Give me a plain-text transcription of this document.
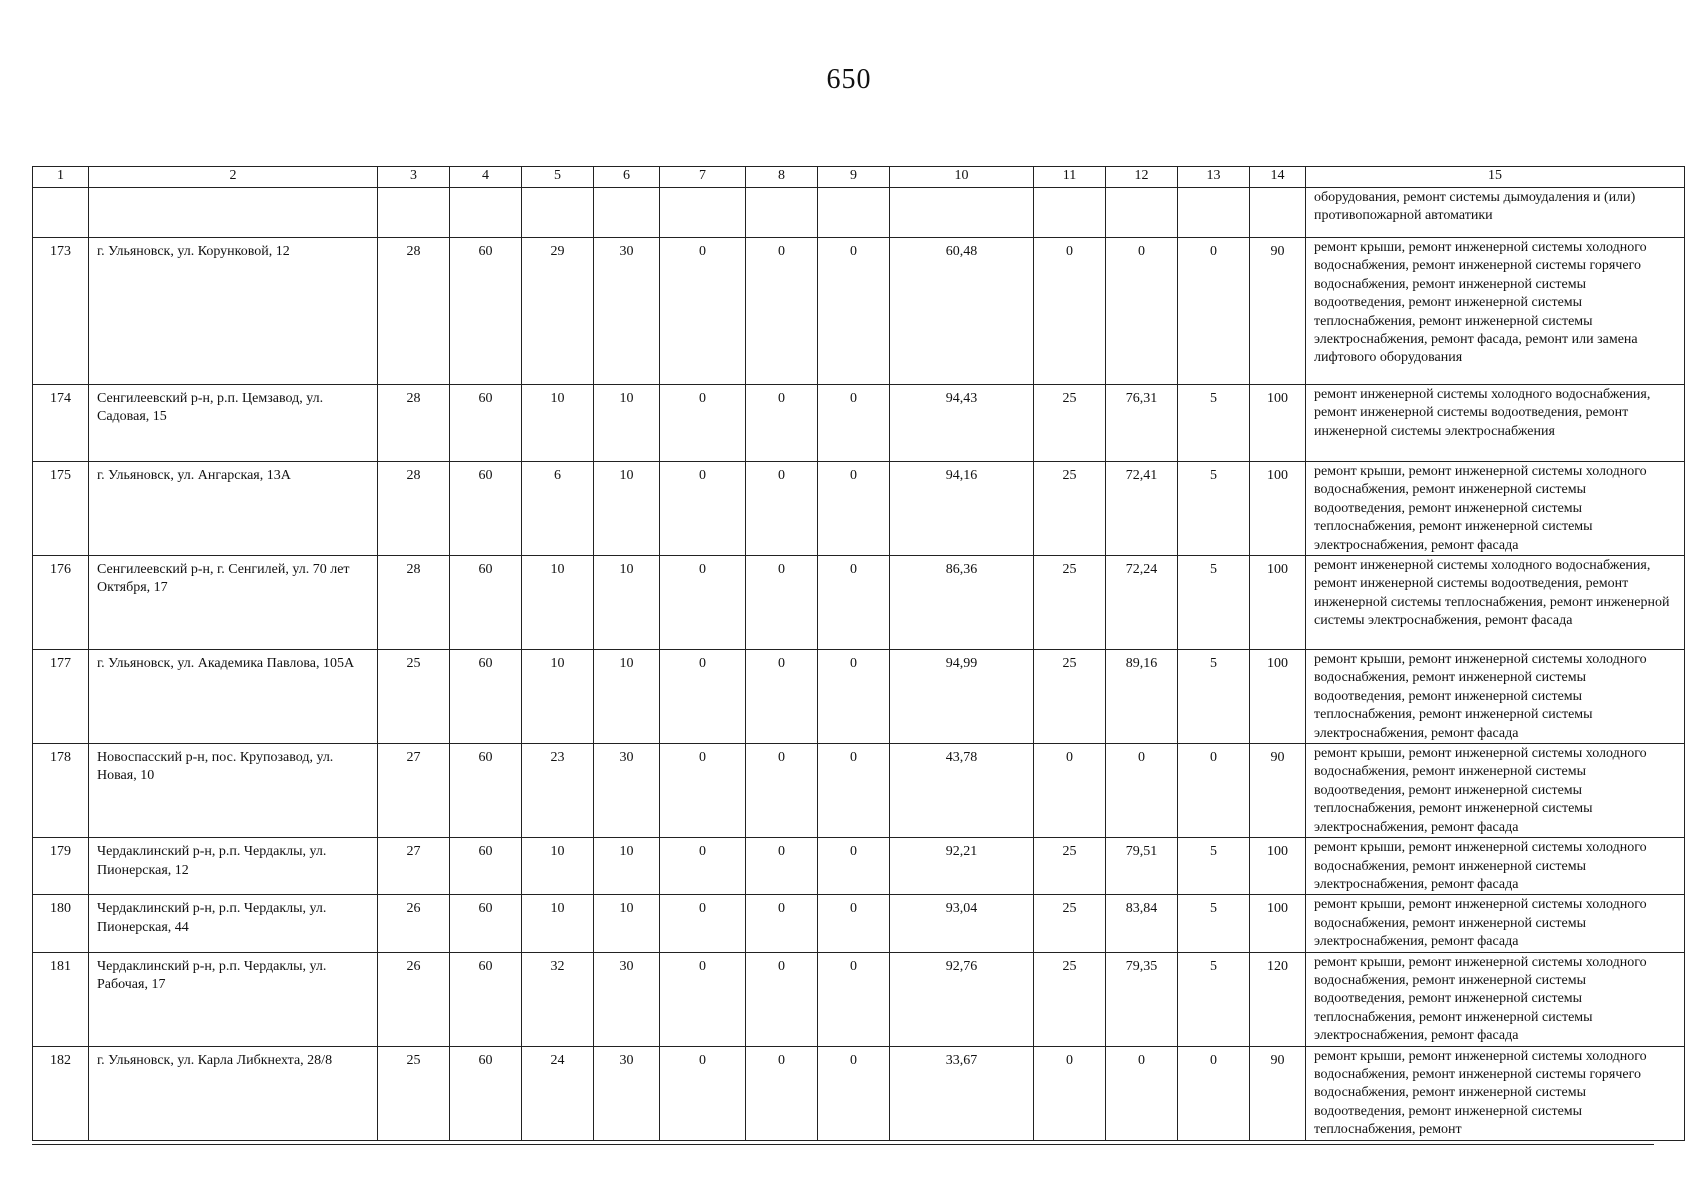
650
1	2	3	4	5	6	7	8	9	10	11	12	13	14	15
														оборудования, ремонт системы дымоудаления и (или) противопожарной автоматики
173	г. Ульяновск, ул. Корунковой, 12	28	60	29	30	0	0	0	60,48	0	0	0	90	ремонт крыши, ремонт инженерной системы холодного водоснабжения, ремонт инженерной системы горячего водоснабжения, ремонт инженерной системы водоотведения, ремонт инженерной системы теплоснабжения, ремонт инженерной системы электроснабжения, ремонт фасада, ремонт или замена лифтового оборудования
174	Сенгилеевский р-н, р.п. Цемзавод, ул. Садовая, 15	28	60	10	10	0	0	0	94,43	25	76,31	5	100	ремонт инженерной системы холодного водоснабжения, ремонт инженерной системы водоотведения, ремонт инженерной системы электроснабжения
175	г. Ульяновск, ул. Ангарская, 13А	28	60	6	10	0	0	0	94,16	25	72,41	5	100	ремонт крыши, ремонт инженерной системы холодного водоснабжения, ремонт инженерной системы водоотведения, ремонт инженерной системы теплоснабжения, ремонт инженерной системы электроснабжения, ремонт фасада
176	Сенгилеевский р-н, г. Сенгилей, ул. 70 лет Октября, 17	28	60	10	10	0	0	0	86,36	25	72,24	5	100	ремонт инженерной системы холодного водоснабжения, ремонт инженерной системы водоотведения, ремонт инженерной системы теплоснабжения, ремонт инженерной системы электроснабжения, ремонт фасада
177	г. Ульяновск, ул. Академика Павлова, 105А	25	60	10	10	0	0	0	94,99	25	89,16	5	100	ремонт крыши, ремонт инженерной системы холодного водоснабжения, ремонт инженерной системы водоотведения, ремонт инженерной системы теплоснабжения, ремонт инженерной системы электроснабжения, ремонт фасада
178	Новоспасский р-н, пос. Крупозавод, ул. Новая, 10	27	60	23	30	0	0	0	43,78	0	0	0	90	ремонт крыши, ремонт инженерной системы холодного водоснабжения, ремонт инженерной системы водоотведения, ремонт инженерной системы теплоснабжения, ремонт инженерной системы электроснабжения, ремонт фасада
179	Чердаклинский р-н, р.п. Чердаклы, ул. Пионерская, 12	27	60	10	10	0	0	0	92,21	25	79,51	5	100	ремонт крыши, ремонт инженерной системы холодного водоснабжения, ремонт инженерной системы электроснабжения, ремонт фасада
180	Чердаклинский р-н, р.п. Чердаклы, ул. Пионерская, 44	26	60	10	10	0	0	0	93,04	25	83,84	5	100	ремонт крыши, ремонт инженерной системы холодного водоснабжения, ремонт инженерной системы электроснабжения, ремонт фасада
181	Чердаклинский р-н, р.п. Чердаклы, ул. Рабочая, 17	26	60	32	30	0	0	0	92,76	25	79,35	5	120	ремонт крыши, ремонт инженерной системы холодного водоснабжения, ремонт инженерной системы водоотведения, ремонт инженерной системы теплоснабжения, ремонт инженерной системы электроснабжения, ремонт фасада
182	г. Ульяновск, ул. Карла Либкнехта, 28/8	25	60	24	30	0	0	0	33,67	0	0	0	90	ремонт крыши, ремонт инженерной системы холодного водоснабжения, ремонт инженерной системы горячего водоснабжения, ремонт инженерной системы водоотведения, ремонт инженерной системы теплоснабжения, ремонт
